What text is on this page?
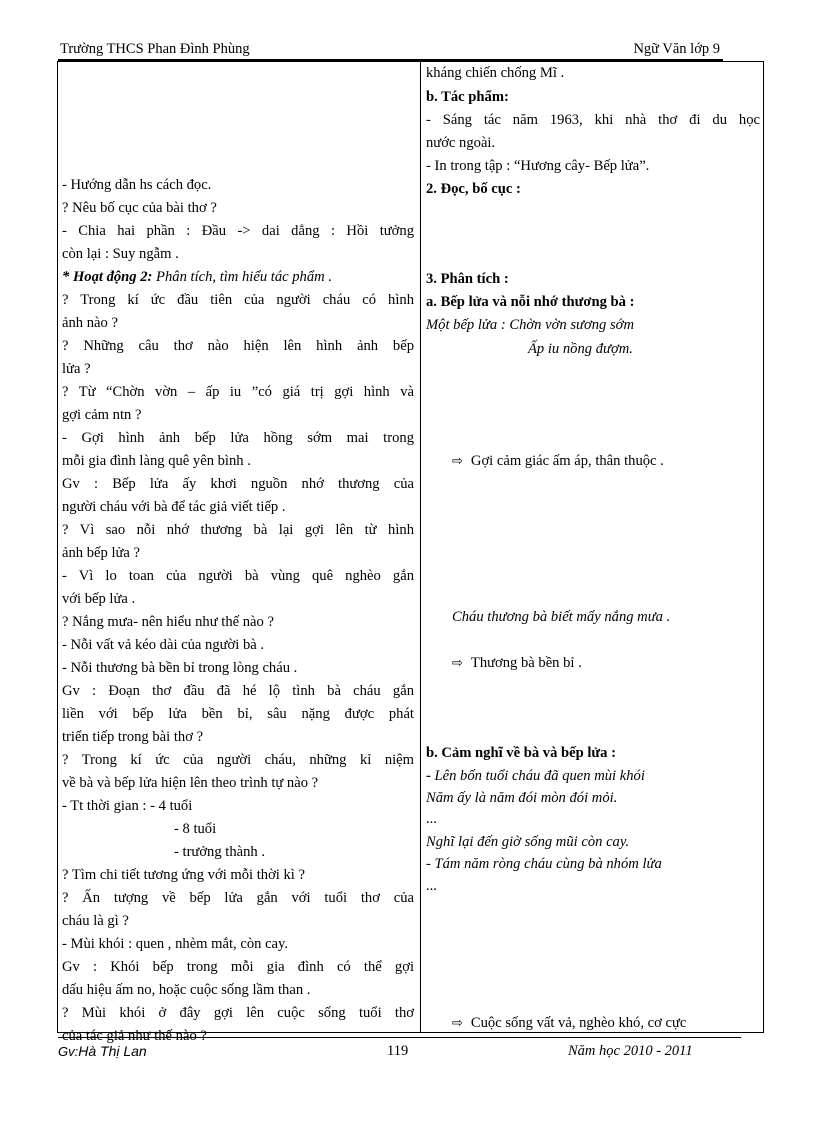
Trường THCS Phan Đình Phùng	Ngữ Văn lớp 9
- Hướng dẫn hs cách đọc.
? Nêu bố cục của bài thơ ?
- Chia hai phần : Đầu -> dai dẳng : Hồi tưởng
còn lại : Suy ngẫm .
* Hoạt động 2: Phân tích, tìm hiểu tác phẩm .
? Trong kí ức đầu tiên của người cháu có hình
ảnh nào ?
? Những câu thơ nào hiện lên hình ảnh bếp
lửa ?
? Từ “Chờn vờn – ấp iu ”có giá trị gợi hình và
gợi cảm ntn ?
- Gợi hình ảnh bếp lửa hồng sớm mai trong
mỗi gia đình làng quê yên bình .
Gv : Bếp lửa ấy khơi nguồn nhớ thương của
người cháu với bà để tác giả viết tiếp .
? Vì sao nỗi nhớ thương bà lại gợi lên từ hình
ảnh bếp lửa ?
- Vì lo toan của người bà vùng quê nghèo gắn
với bếp lửa .
? Nắng mưa- nên hiểu như thế nào ?
- Nỗi vất vả kéo dài của người bà .
- Nỗi thương bà bền bỉ trong lòng cháu .
Gv : Đoạn thơ đầu đã hé lộ tình bà cháu gắn
liền với bếp lửa bền bỉ, sâu nặng được phát
triển tiếp trong bài thơ ?
? Trong kí ức của người cháu, những kỉ niệm
về bà và bếp lửa hiện lên theo trình tự nào ?
- Tt thời gian : - 4 tuổi
- 8 tuổi
- trưởng thành .
? Tìm chi tiết tương ứng với mỗi thời kì ?
? Ấn tượng về bếp lửa gắn với tuổi thơ của
cháu là gì ?
- Mùi khói : quen , nhèm mắt, còn cay.
Gv : Khói bếp trong mỗi gia đình có thể gợi
dấu hiệu ấm no, hoặc cuộc sống lầm than .
? Mùi khói ở đây gợi lên cuộc sống tuổi thơ
của tác giả như thế nào ?
kháng chiến chống Mĩ .
b. Tác phẩm:
- Sáng tác năm 1963, khi nhà thơ đi du học
nước ngoài.
- In trong tập : “Hương cây- Bếp lửa”.
2. Đọc, bố cục :
3. Phân tích :
a. Bếp lửa và nỗi nhớ thương bà :
Một bếp lửa : Chờn vờn sương sớm
Ấp iu nồng đượm.
⇨ Gợi cảm giác ấm áp, thân thuộc .
Cháu thương bà biết mấy nắng mưa .
⇨ Thương bà bền bỉ .
b. Cảm nghĩ về bà và bếp lửa :
- Lên bốn tuổi cháu đã quen mùi khói
Năm ấy là năm đói mòn đói mỏi.
...
Nghĩ lại đến giờ sống mũi còn cay.
- Tám năm ròng cháu cùng bà nhóm lửa
...
⇨ Cuộc sống vất vả, nghèo khó, cơ cực
Gv:Hà Thị Lan	119	Năm học 2010 - 2011
